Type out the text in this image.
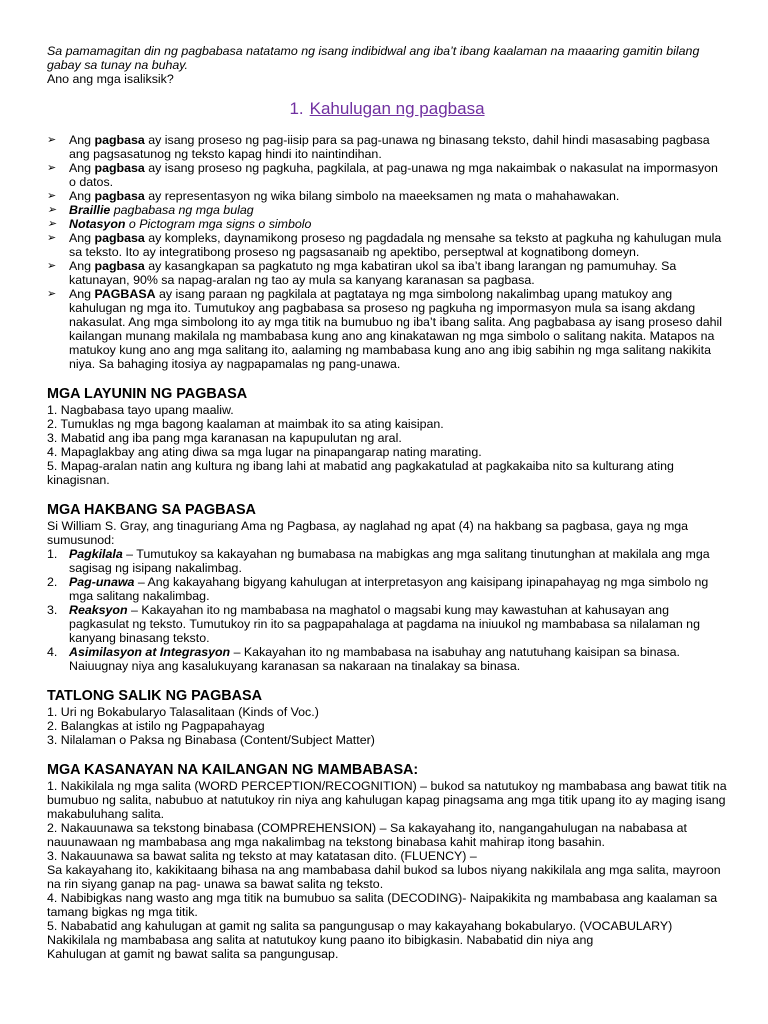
Sa pamamagitan din ng pagbabasa natatamo ng isang indibidwal ang iba’t ibang kaalaman na maaaring gamitin bilang gabay sa tunay na buhay.

Ano ang mga isaliksik?

1. Kahulugan ng pagbasa
➢ Ang pagbasa ay isang proseso ng pag-iisip para sa pag-unawa ng binasang teksto, dahil hindi masasabing pagbasa ang pagsasatunog ng teksto kapag hindi ito naintindihan.
➢ Ang pagbasa ay isang proseso ng pagkuha, pagkilala, at pag-unawa ng mga nakaimbak o nakasulat na impormasyon o datos.
➢ Ang pagbasa ay representasyon ng wika bilang simbolo na maeeksamen ng mata o mahahawakan.
➢ Braillie pagbabasa ng mga bulag
➢ Notasyon o Pictogram mga signs o simbolo
➢ Ang pagbasa ay kompleks, daynamikong proseso ng pagdadala ng mensahe sa teksto at pagkuha ng kahulugan mula sa teksto. Ito ay integratibong proseso ng pagsasanaib ng apektibo, perseptwal at kognatibong domeyn.
➢ Ang pagbasa ay kasangkapan sa pagkatuto ng mga kabatiran ukol sa iba’t ibang larangan ng pamumuhay. Sa katunayan, 90% sa napag-aralan ng tao ay mula sa kanyang karanasan sa pagbasa.
➢ Ang PAGBASA ay isang paraan ng pagkilala at pagtataya ng mga simbolong nakalimbag upang matukoy ang kahulugan ng mga ito. Tumutukoy ang pagbabasa sa proseso ng pagkuha ng impormasyon mula sa isang akdang nakasulat. Ang mga simbolong ito ay mga titik na bumubuo ng iba’t ibang salita. Ang pagbabasa ay isang proseso dahil kailangan munang makilala ng mambabasa kung ano ang kinakatawan ng mga simbolo o salitang nakita. Matapos na matukoy kung ano ang mga salitang ito, aalaming ng mambabasa kung ano ang ibig sabihin ng mga salitang nakikita niya. Sa bahaging itosiya ay nagpapamalas ng pang-unawa.
MGA LAYUNIN NG PAGBASA
1. Nagbabasa tayo upang maaliw.
2. Tumuklas ng mga bagong kaalaman at maimbak ito sa ating kaisipan.
3. Mabatid ang iba pang mga karanasan na kapupulutan ng aral.
4. Mapaglakbay ang ating diwa sa mga lugar na pinapangarap nating marating.
5. Mapag-aralan natin ang kultura ng ibang lahi at mabatid ang pagkakatulad at pagkakaiba nito sa kulturang ating kinagisnan.
MGA HAKBANG SA PAGBASA

Si William S. Gray, ang tinaguriang Ama ng Pagbasa, ay naglahad ng apat (4) na hakbang sa pagbasa, gaya ng mga sumusunod:

1. Pagkilala – Tumutukoy sa kakayahan ng bumabasa na mabigkas ang mga salitang tinutunghan at makilala ang mga sagisag ng isipang nakalimbag.
2. Pag-unawa – Ang kakayahang bigyang kahulugan at interpretasyon ang kaisipang ipinapahayag ng mga simbolo ng mga salitang nakalimbag.
3. Reaksyon – Kakayahan ito ng mambabasa na maghatol o magsabi kung may kawastuhan at kahusayan ang pagkasulat ng teksto. Tumutukoy rin ito sa pagpapahalaga at pagdama na iniuukol ng mambabasa sa nilalaman ng kanyang binasang teksto.
4. Asimilasyon at Integrasyon – Kakayahan ito ng mambabasa na isabuhay ang natutuhang kaisipan sa binasa. Naiuugnay niya ang kasalukuyang karanasan sa nakaraan na tinalakay sa binasa.
TATLONG SALIK NG PAGBASA
1. Uri ng Bokabularyo Talasalitaan (Kinds of Voc.)
2. Balangkas at istilo ng Pagpapahayag
3. Nilalaman o Paksa ng Binabasa (Content/Subject Matter)
MGA KASANAYAN NA KAILANGAN NG MAMBABASA:
1. Nakikilala ng mga salita (WORD PERCEPTION/RECOGNITION) – bukod sa natutukoy ng mambabasa ang bawat titik na bumubuo ng salita, nabubuo at natutukoy rin niya ang kahulugan kapag pinagsama ang mga titik upang ito ay maging isang makabuluhang salita.
2. Nakauunawa sa tekstong binabasa (COMPREHENSION) – Sa kakayahang ito, nangangahulugan na nababasa at nauunawaan ng mambabasa ang mga nakalimbag na tekstong binabasa kahit mahirap itong basahin.
3. Nakauunawa sa bawat salita ng teksto at may katatasan dito. (FLUENCY) –
Sa kakayahang ito, kakikitaang bihasa na ang mambabasa dahil bukod sa lubos niyang nakikilala ang mga salita, mayroon na rin siyang ganap na pag- unawa sa bawat salita ng teksto.
4. Nabibigkas nang wasto ang mga titik na bumubuo sa salita (DECODING)- Naipakikita ng mambabasa ang kaalaman sa tamang bigkas ng mga titik.
5. Nababatid ang kahulugan at gamit ng salita sa pangungusap o may kakayahang bokabularyo. (VOCABULARY)
Nakikilala ng mambabasa ang salita at natutukoy kung paano ito bibigkasin. Nababatid din niya ang
Kahulugan at gamit ng bawat salita sa pangungusap.
